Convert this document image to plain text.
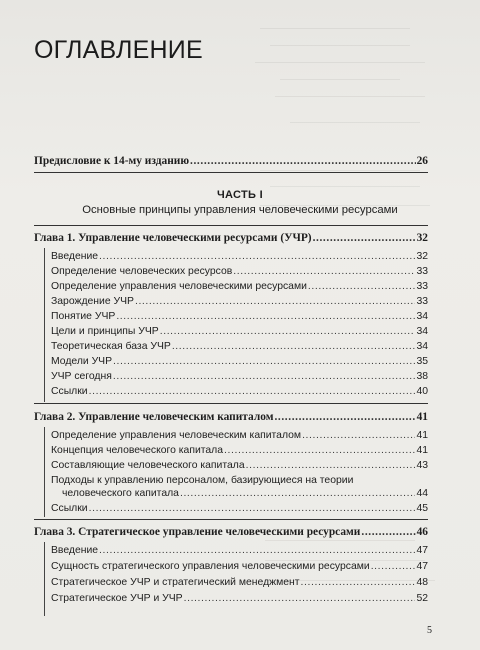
ОГЛАВЛЕНИЕ
Предисловие к 14-му изданию .....	26
ЧАСТЬ I
Основные принципы управления человеческими ресурсами
Глава 1. Управление человеческими ресурсами (УЧР) .....	32
Введение .....	32
Определение человеческих ресурсов .....	33
Определение управления человеческими ресурсами .....	33
Зарождение УЧР .....	33
Понятие УЧР .....	34
Цели и принципы УЧР .....	34
Теоретическая база УЧР .....	34
Модели УЧР .....	35
УЧР сегодня .....	38
Ссылки .....	40
Глава 2. Управление человеческим капиталом .....	41
Определение управления человеческим капиталом .....	41
Концепция человеческого капитала .....	41
Составляющие человеческого капитала .....	43
Подходы к управлению персоналом, базирующиеся на теории
человеческого капитала .....	44
Ссылки .....	45
Глава 3. Стратегическое управление человеческими ресурсами .....	46
Введение .....	47
Сущность стратегического управления человеческими ресурсами .....	47
Стратегическое УЧР и стратегический менеджмент .....	48
Стратегическое УЧР и УЧР .....	52
5
